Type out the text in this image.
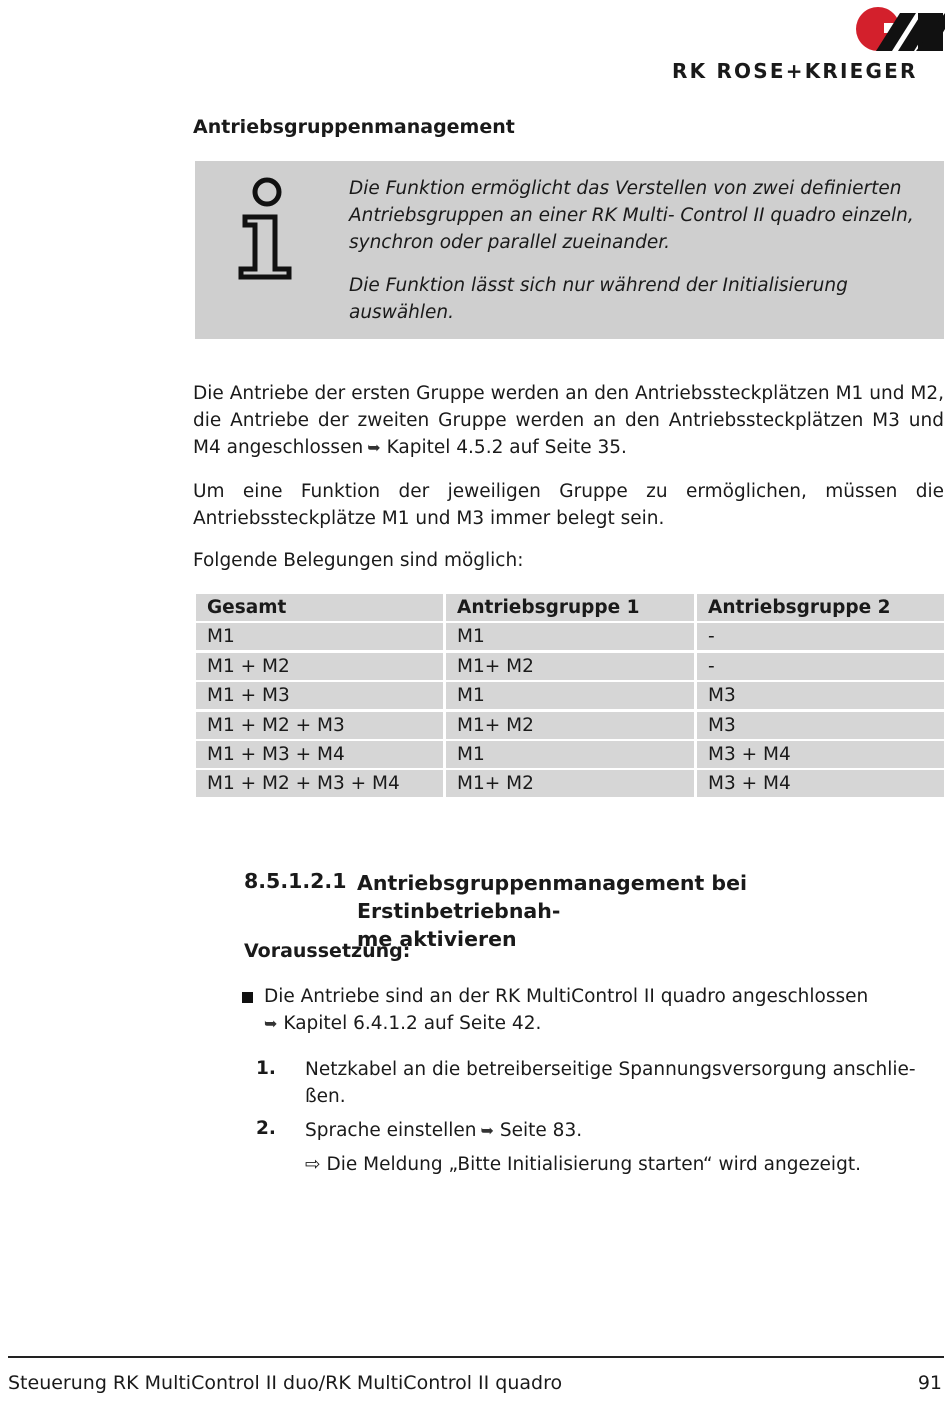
RK ROSE+KRIEGER
Antriebsgruppenmanagement
Die Funktion ermöglicht das Verstellen von zwei definierten Antriebsgruppen an einer RK Multi- Control II quadro einzeln, synchron oder parallel zueinander.
Die Funktion lässt sich nur während der Initialisierung auswählen.
Die Antriebe der ersten Gruppe werden an den Antriebssteckplätzen M1 und M2, die Antriebe der zweiten Gruppe werden an den Antriebssteckplätzen M3 und M4 angeschlossen ➥ Kapitel 4.5.2 auf Seite 35.
Um eine Funktion der jeweiligen Gruppe zu ermöglichen, müssen die
Antriebssteckplätze M1 und M3 immer belegt sein.
Folgende Belegungen sind möglich:
Gesamt	Antriebsgruppe 1	Antriebsgruppe 2
M1	M1	-
M1 + M2	M1+ M2	-
M1 + M3	M1	M3
M1 + M2 + M3	M1+ M2	M3
M1 + M3 + M4	M1	M3 + M4
M1 + M2 + M3 + M4	M1+ M2	M3 + M4
8.5.1.2.1 Antriebsgruppenmanagement bei Erstinbetriebnah-
me aktivieren
Voraussetzung:
Die Antriebe sind an der RK MultiControl II quadro angeschlossen
➥ Kapitel 6.4.1.2 auf Seite 42.
1. Netzkabel an die betreiberseitige Spannungsversorgung anschlie-
ßen.
2. Sprache einstellen ➥ Seite 83.
⇨ Die Meldung „Bitte Initialisierung starten“ wird angezeigt.
Steuerung RK MultiControl II duo/RK MultiControl II quadro	91
